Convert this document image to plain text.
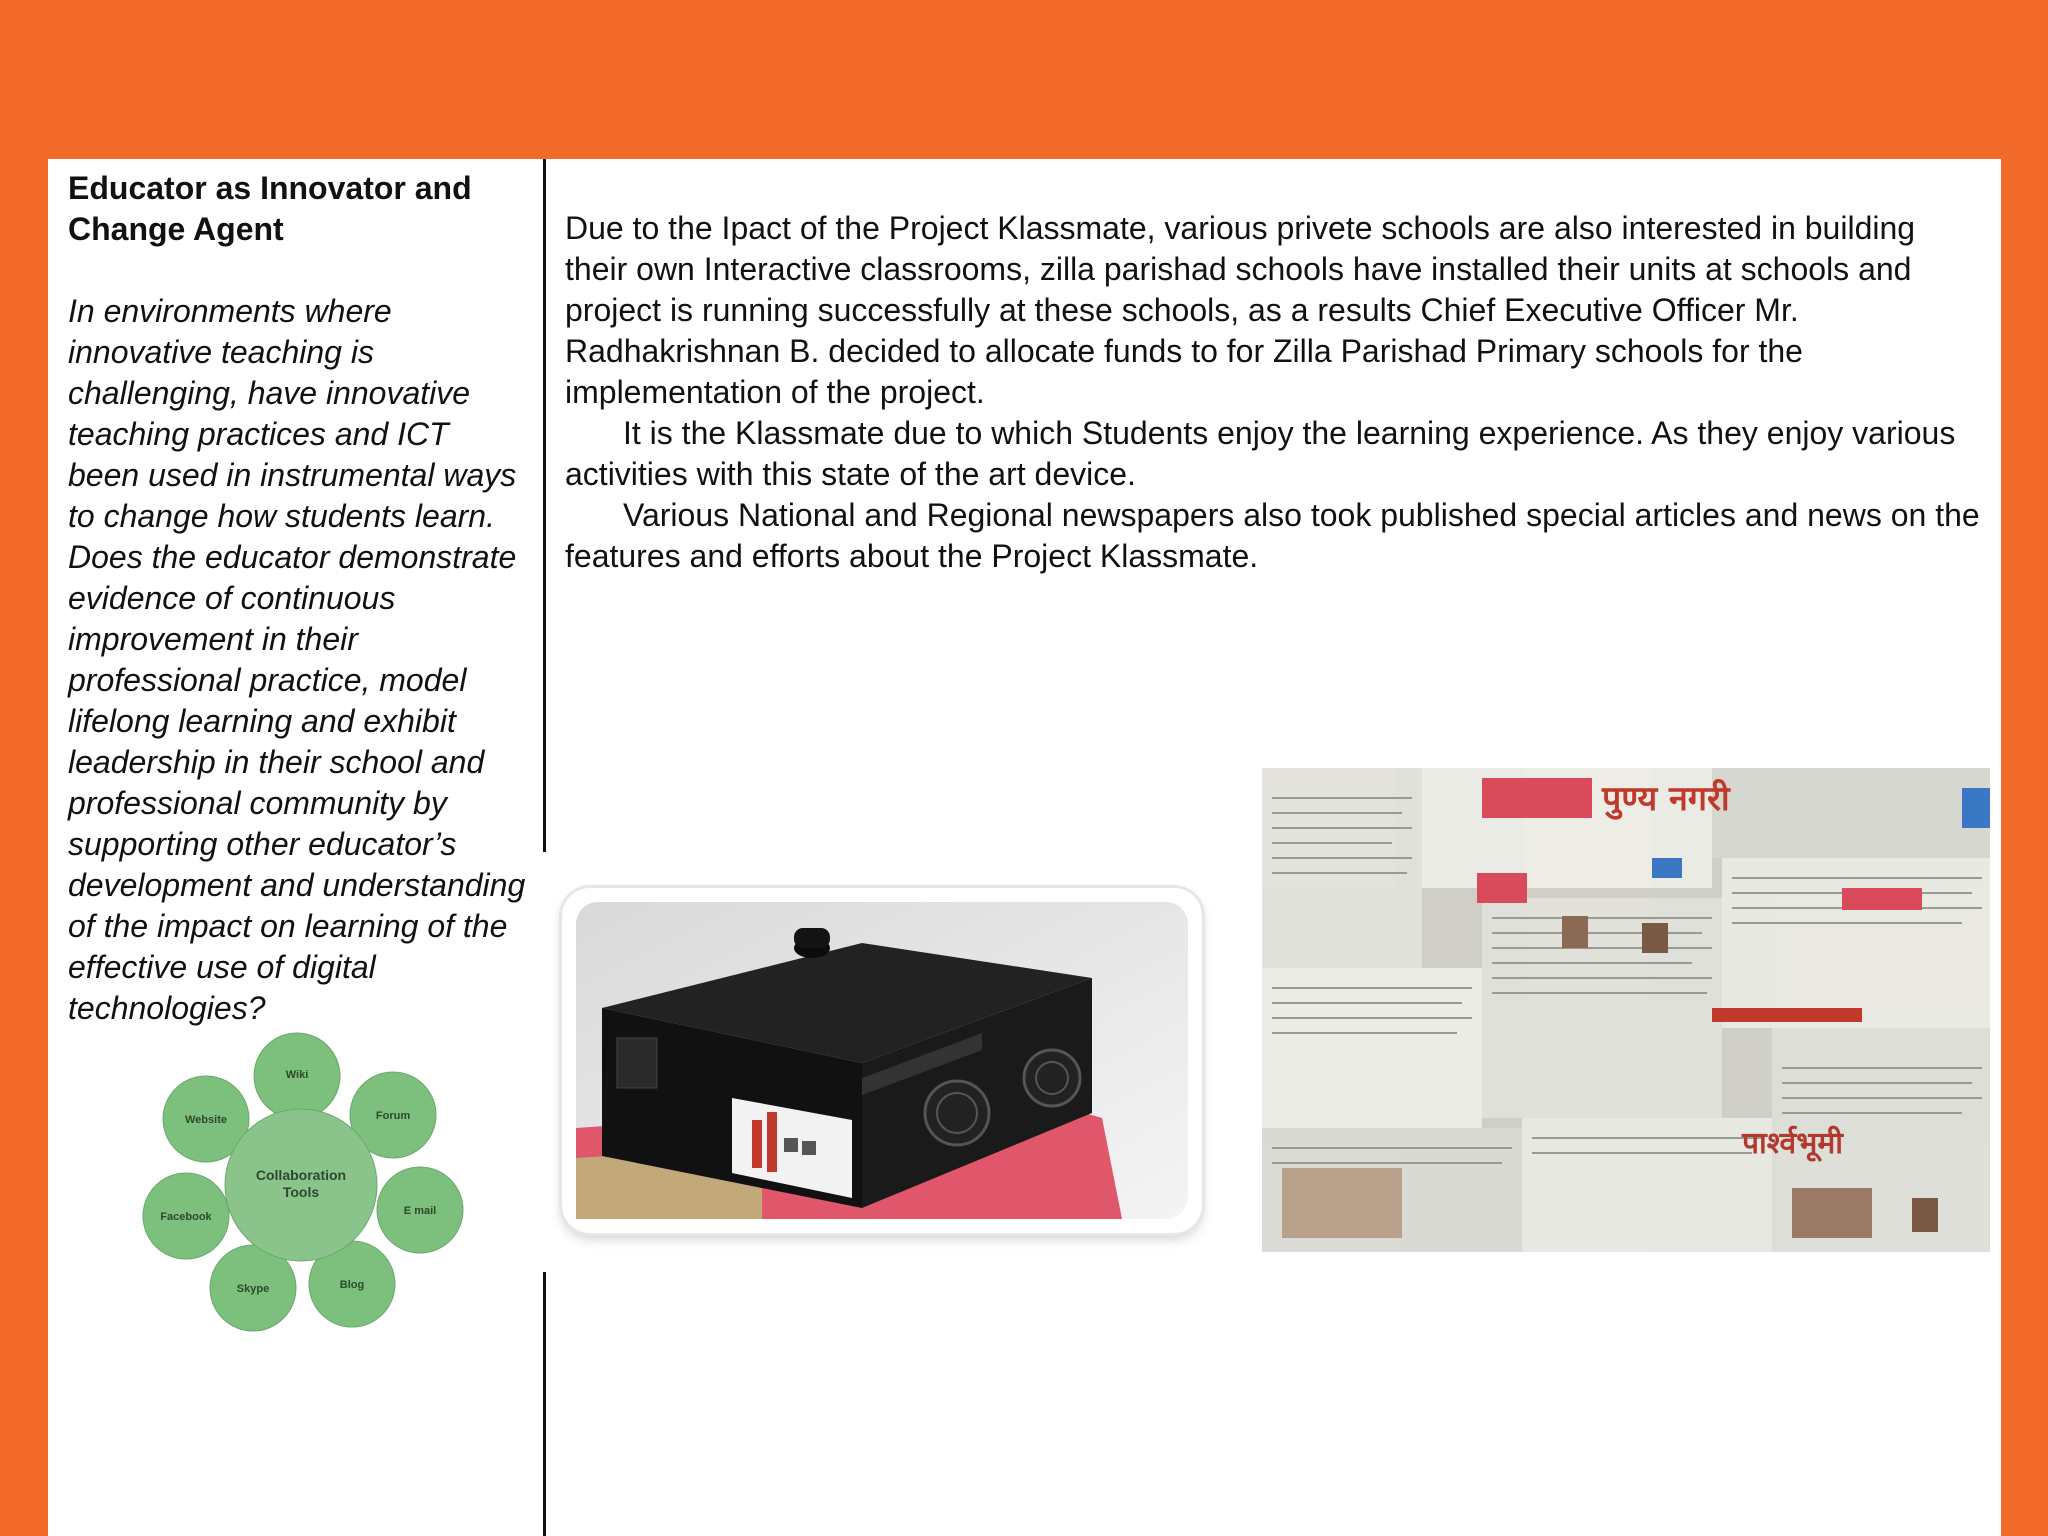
Educator as Innovator and Change Agent

In environments where innovative teaching is challenging, have innovative teaching practices and ICT been used in instrumental ways to change how students learn. Does the educator demonstrate evidence of continuous improvement in their professional practice, model lifelong learning and exhibit leadership in their school and professional community by supporting other educator’s development and understanding of the impact on learning of the effective use of digital technologies?

Due to the Ipact of the Project Klassmate, various privete schools are also interested in building their own Interactive classrooms, zilla parishad schools have installed their units at schools and project is running successfully at these schools, as a results Chief Executive Officer Mr. Radhakrishnan B. decided to allocate funds to for Zilla Parishad Primary schools for the implementation of the project.

It is the Klassmate due to which Students enjoy the learning experience. As they enjoy various activities with this state of the art device.

Various National and Regional newspapers also took published special articles and news on the features and efforts about the Project Klassmate.

Collaboration
Tools
Wiki
Forum
E mail
Blog
Skype
Facebook
Website
पुण्य नगरी
पार्श्वभूमी
